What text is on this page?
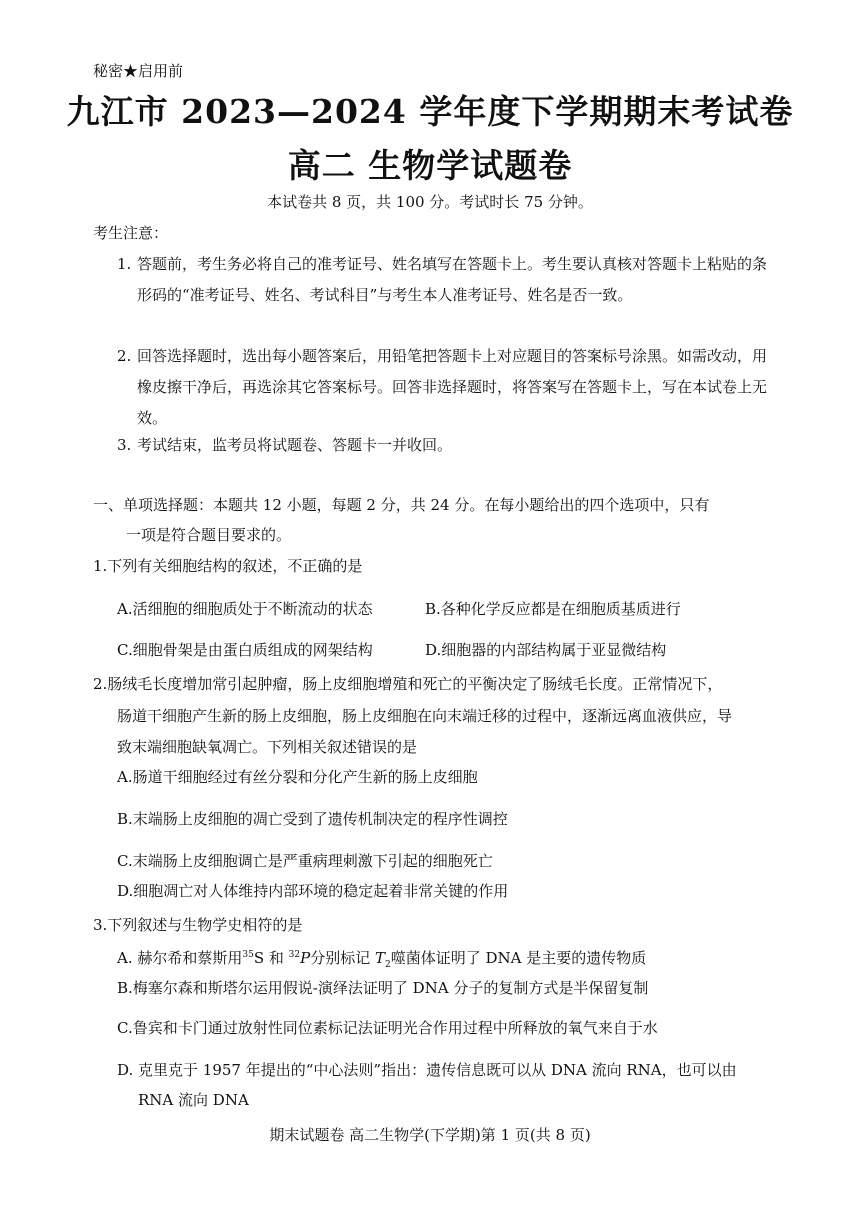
秘密★启用前
九江市 2023—2024 学年度下学期期末考试卷
高二 生物学试题卷
本试卷共 8 页，共 100 分。考试时长 75 分钟。
考生注意：
1. 答题前，考生务必将自己的准考证号、姓名填写在答题卡上。考生要认真核对答题卡上粘贴的条形码的“准考证号、姓名、考试科目”与考生本人准考证号、姓名是否一致。
2. 回答选择题时，选出每小题答案后，用铅笔把答题卡上对应题目的答案标号涂黑。如需改动，用橡皮擦干净后，再选涂其它答案标号。回答非选择题时，将答案写在答题卡上，写在本试卷上无效。
3. 考试结束，监考员将试题卷、答题卡一并收回。
一、单项选择题：本题共 12 小题，每题 2 分，共 24 分。在每小题给出的四个选项中，只有
一项是符合题目要求的。
1.下列有关细胞结构的叙述，不正确的是
A.活细胞的细胞质处于不断流动的状态	B.各种化学反应都是在细胞质基质进行
C.细胞骨架是由蛋白质组成的网架结构	D.细胞器的内部结构属于亚显微结构
2.肠绒毛长度增加常引起肿瘤，肠上皮细胞增殖和死亡的平衡决定了肠绒毛长度。正常情况下，
肠道干细胞产生新的肠上皮细胞，肠上皮细胞在向末端迁移的过程中，逐渐远离血液供应，导
致末端细胞缺氧凋亡。下列相关叙述错误的是
A.肠道干细胞经过有丝分裂和分化产生新的肠上皮细胞
B.末端肠上皮细胞的凋亡受到了遗传机制决定的程序性调控
C.末端肠上皮细胞调亡是严重病理刺激下引起的细胞死亡
D.细胞凋亡对人体维持内部环境的稳定起着非常关键的作用
3.下列叙述与生物学史相符的是
A. 赫尔希和蔡斯用$^{35}$S 和 $^{32}$P分别标记 $T_2$噬菌体证明了 DNA 是主要的遗传物质
B.梅塞尔森和斯塔尔运用假说-演绎法证明了 DNA 分子的复制方式是半保留复制
C.鲁宾和卡门通过放射性同位素标记法证明光合作用过程中所释放的氧气来自于水
D. 克里克于 1957 年提出的“中心法则”指出：遗传信息既可以从 DNA 流向 RNA，也可以由
RNA 流向 DNA
期末试题卷 高二生物学(下学期)第 1 页(共 8 页)
